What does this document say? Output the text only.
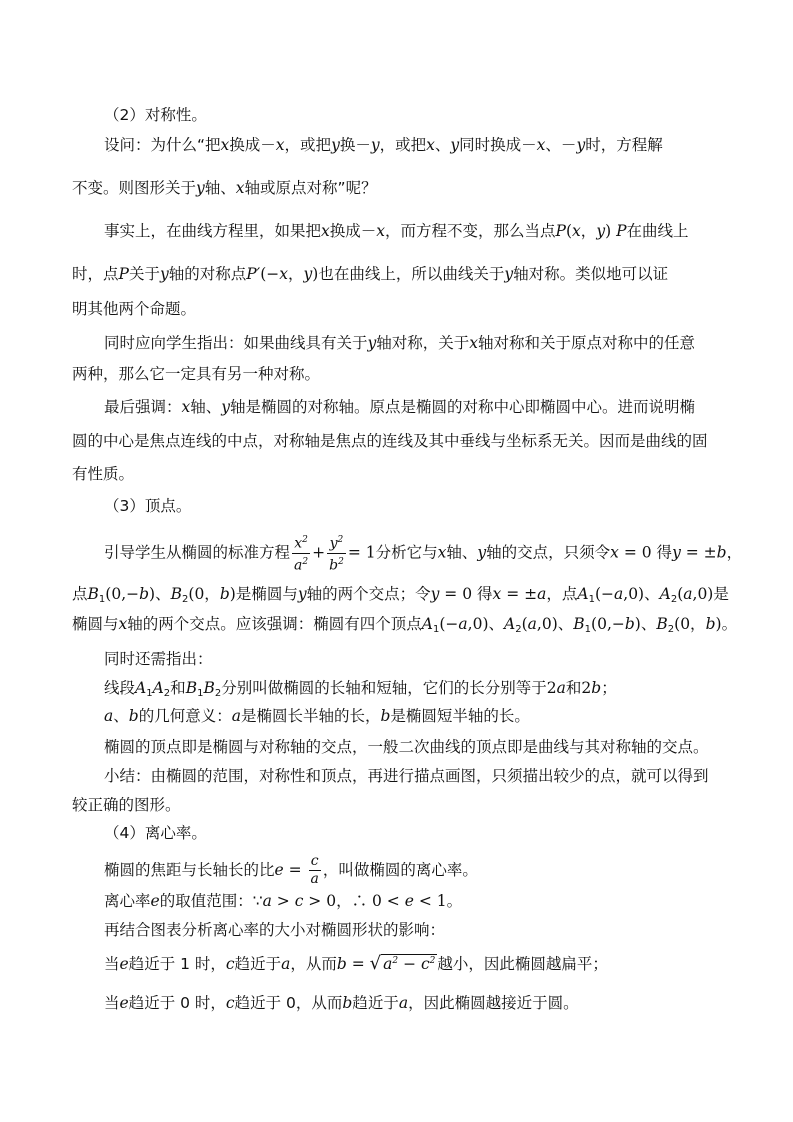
（2）对称性。
设问：为什么“把x换成－x，或把y换－y，或把x、y同时换成－x、－y时，方程解
不变。则图形关于y轴、x轴或原点对称”呢？
事实上，在曲线方程里，如果把x换成－x，而方程不变，那么当点P(x，y) P在曲线上
时，点P关于y轴的对称点P′(−x，y)也在曲线上，所以曲线关于y轴对称。类似地可以证
明其他两个命题。
同时应向学生指出：如果曲线具有关于y轴对称，关于x轴对称和关于原点对称中的任意
两种，那么它一定具有另一种对称。
最后强调：x轴、y轴是椭圆的对称轴。原点是椭圆的对称中心即椭圆中心。进而说明椭
圆的中心是焦点连线的中点，对称轴是焦点的连线及其中垂线与坐标系无关。因而是曲线的固
有性质。
（3）顶点。
引导学生从椭圆的标准方程 $\frac{x^2}{a^2} + \frac{y^2}{b^2} = 1$分析它与x轴、y轴的交点，只须令x = 0 得y = ±b，
点B1(0,−b)、B2(0，b)是椭圆与y轴的两个交点；令y = 0 得x = ±a，点A1(−a,0)、A2(a,0)是
椭圆与x轴的两个交点。应该强调：椭圆有四个顶点A1(−a,0)、A2(a,0)、B1(0,−b)、B2(0，b)。
同时还需指出：
线段A1A2和B1B2分别叫做椭圆的长轴和短轴，它们的长分别等于2a和2b；
a、b的几何意义：a是椭圆长半轴的长，b是椭圆短半轴的长。
椭圆的顶点即是椭圆与对称轴的交点，一般二次曲线的顶点即是曲线与其对称轴的交点。
小结：由椭圆的范围，对称性和顶点，再进行描点画图，只须描出较少的点，就可以得到
较正确的图形。
（4）离心率。
椭圆的焦距与长轴长的比$e = \frac{c}{a}$ ，叫做椭圆的离心率。
离心率e的取值范围：∵a > c > 0，∴ 0 < e < 1。
再结合图表分析离心率的大小对椭圆形状的影响：
当e趋近于 1 时，c趋近于a，从而b = √ $a^2 - c^2$ 越小，因此椭圆越扁平；
当e趋近于 0 时，c趋近于 0，从而b趋近于a，因此椭圆越接近于圆。
